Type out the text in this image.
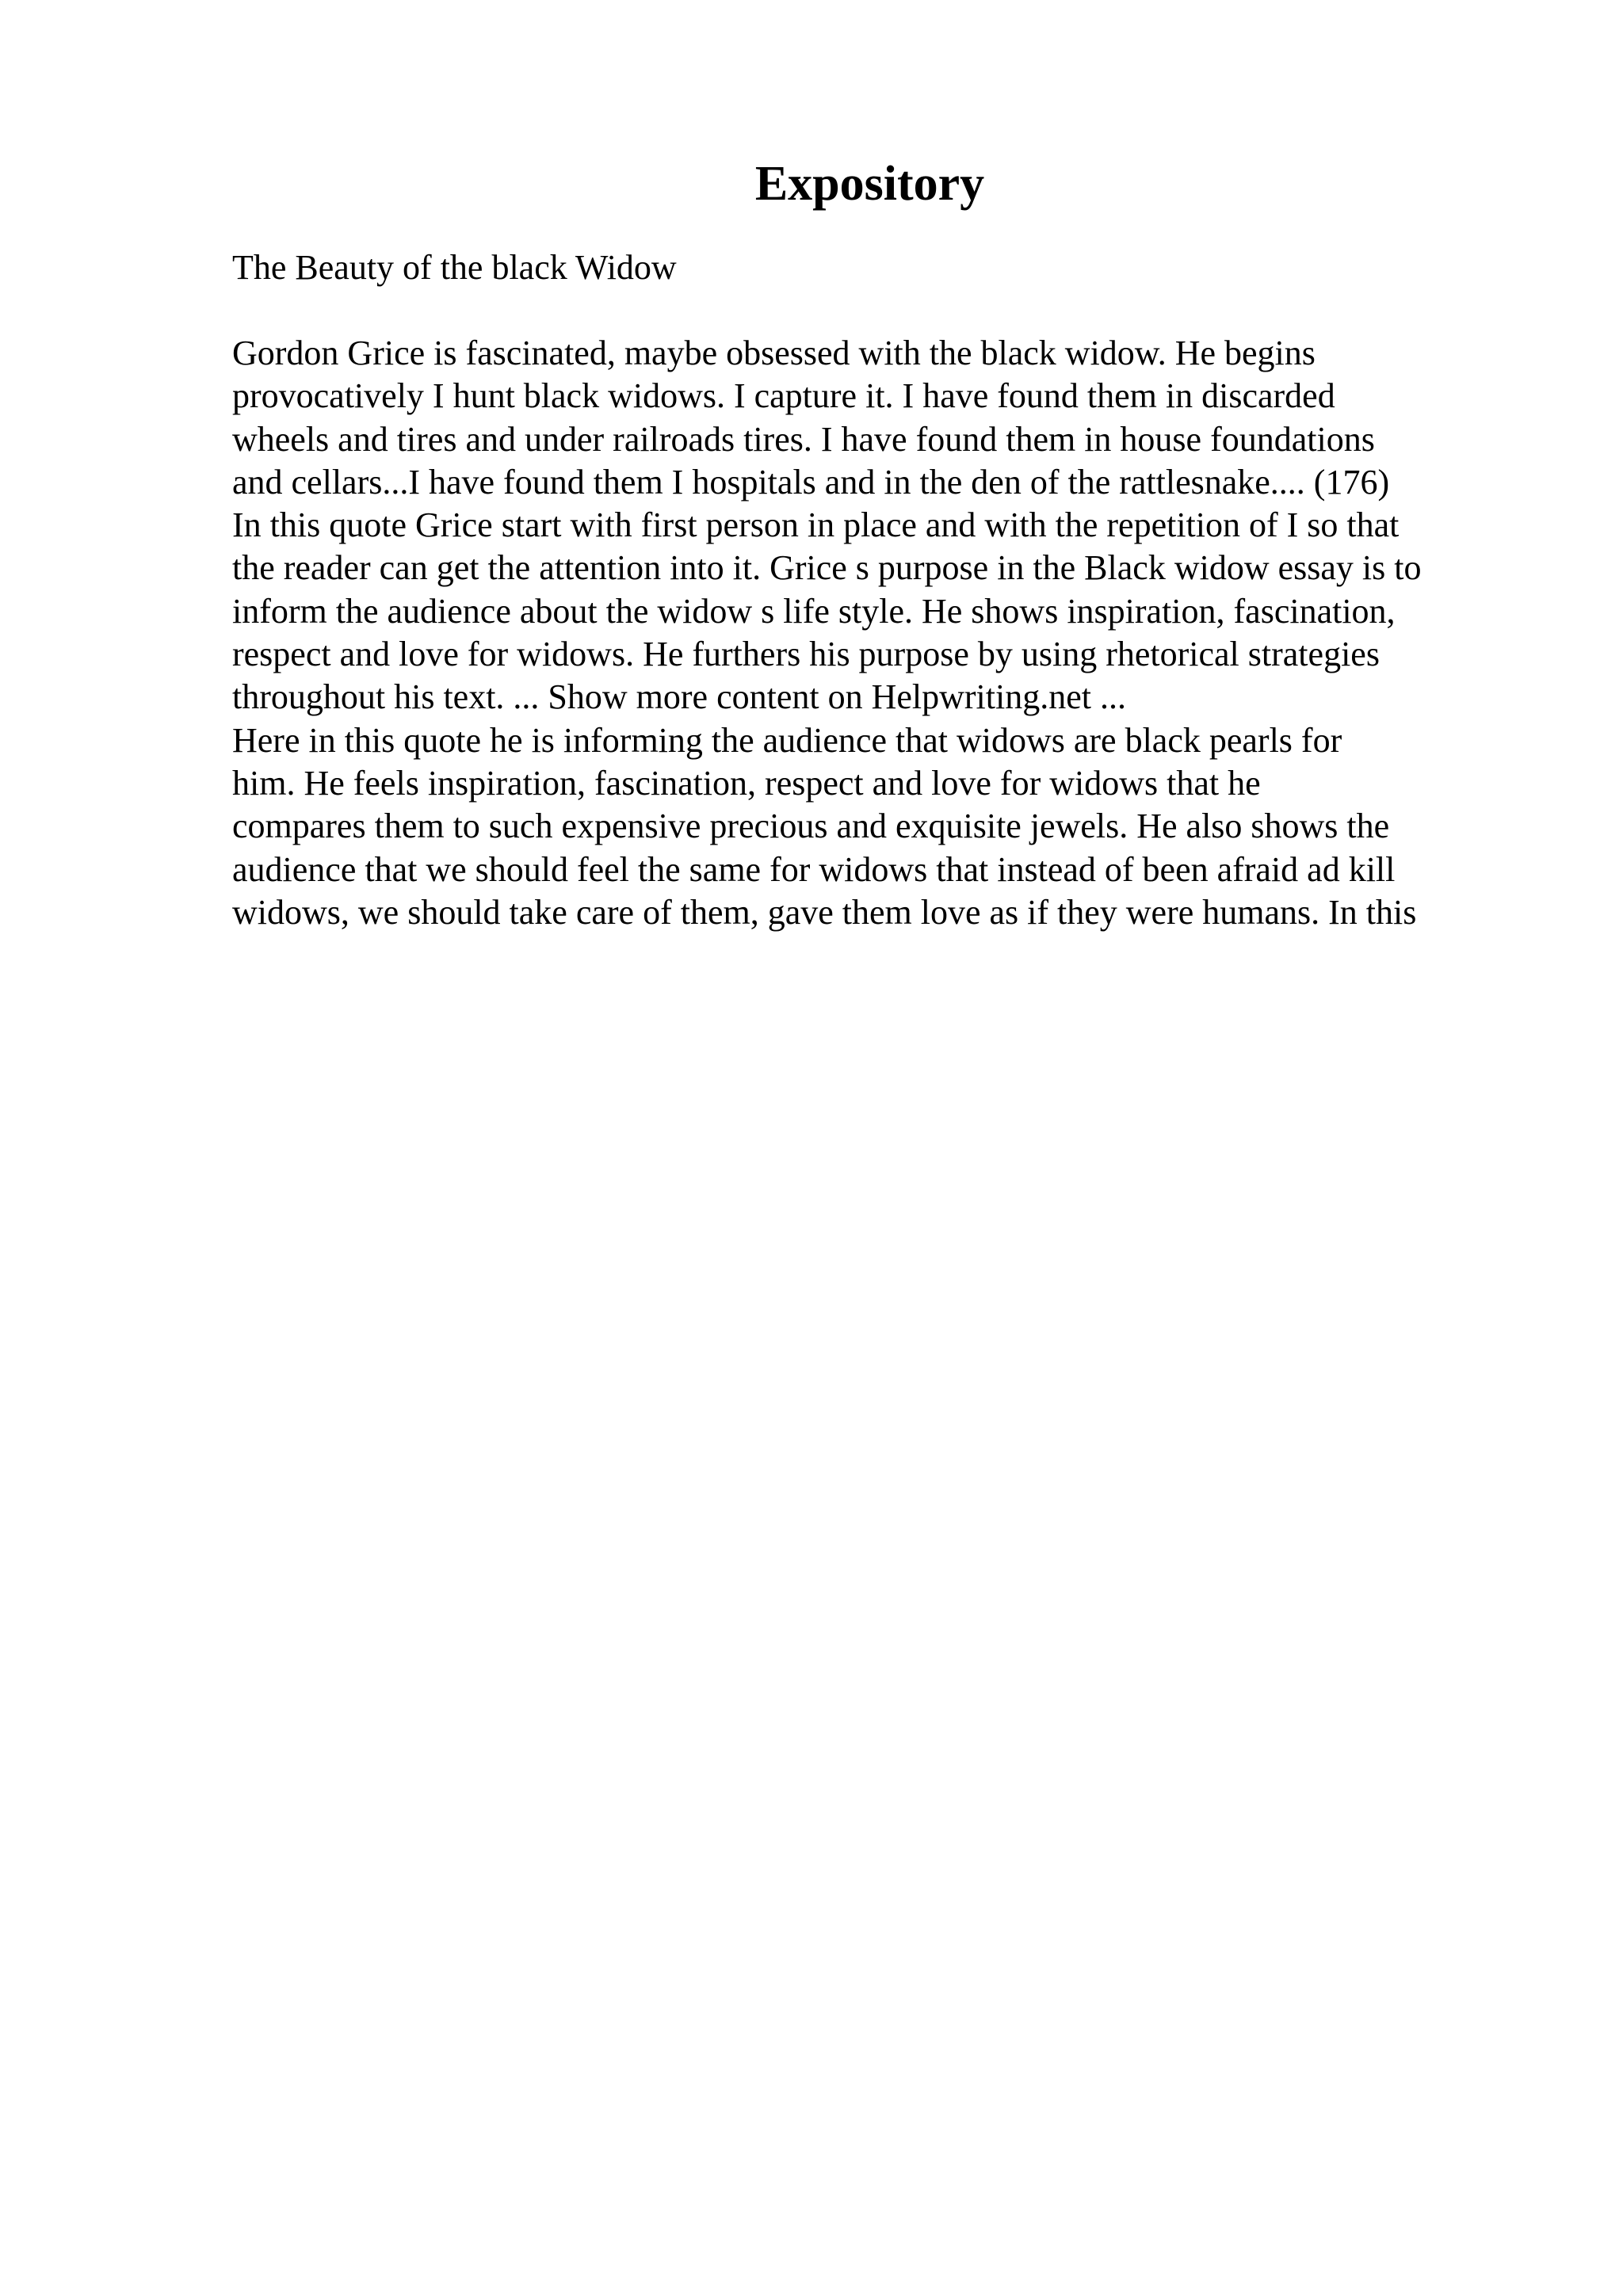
Expository

The Beauty of the black Widow

Gordon Grice is fascinated, maybe obsessed with the black widow. He begins
provocatively I hunt black widows. I capture it. I have found them in discarded
wheels and tires and under railroads tires. I have found them in house foundations
and cellars...I have found them I hospitals and in the den of the rattlesnake.... (176)
In this quote Grice start with first person in place and with the repetition of I so that
the reader can get the attention into it. Grice s purpose in the Black widow essay is to
inform the audience about the widow s life style. He shows inspiration, fascination,
respect and love for widows. He furthers his purpose by using rhetorical strategies
throughout his text. ... Show more content on Helpwriting.net ...
Here in this quote he is informing the audience that widows are black pearls for
him. He feels inspiration, fascination, respect and love for widows that he
compares them to such expensive precious and exquisite jewels. He also shows the
audience that we should feel the same for widows that instead of been afraid ad kill
widows, we should take care of them, gave them love as if they were humans. In this
